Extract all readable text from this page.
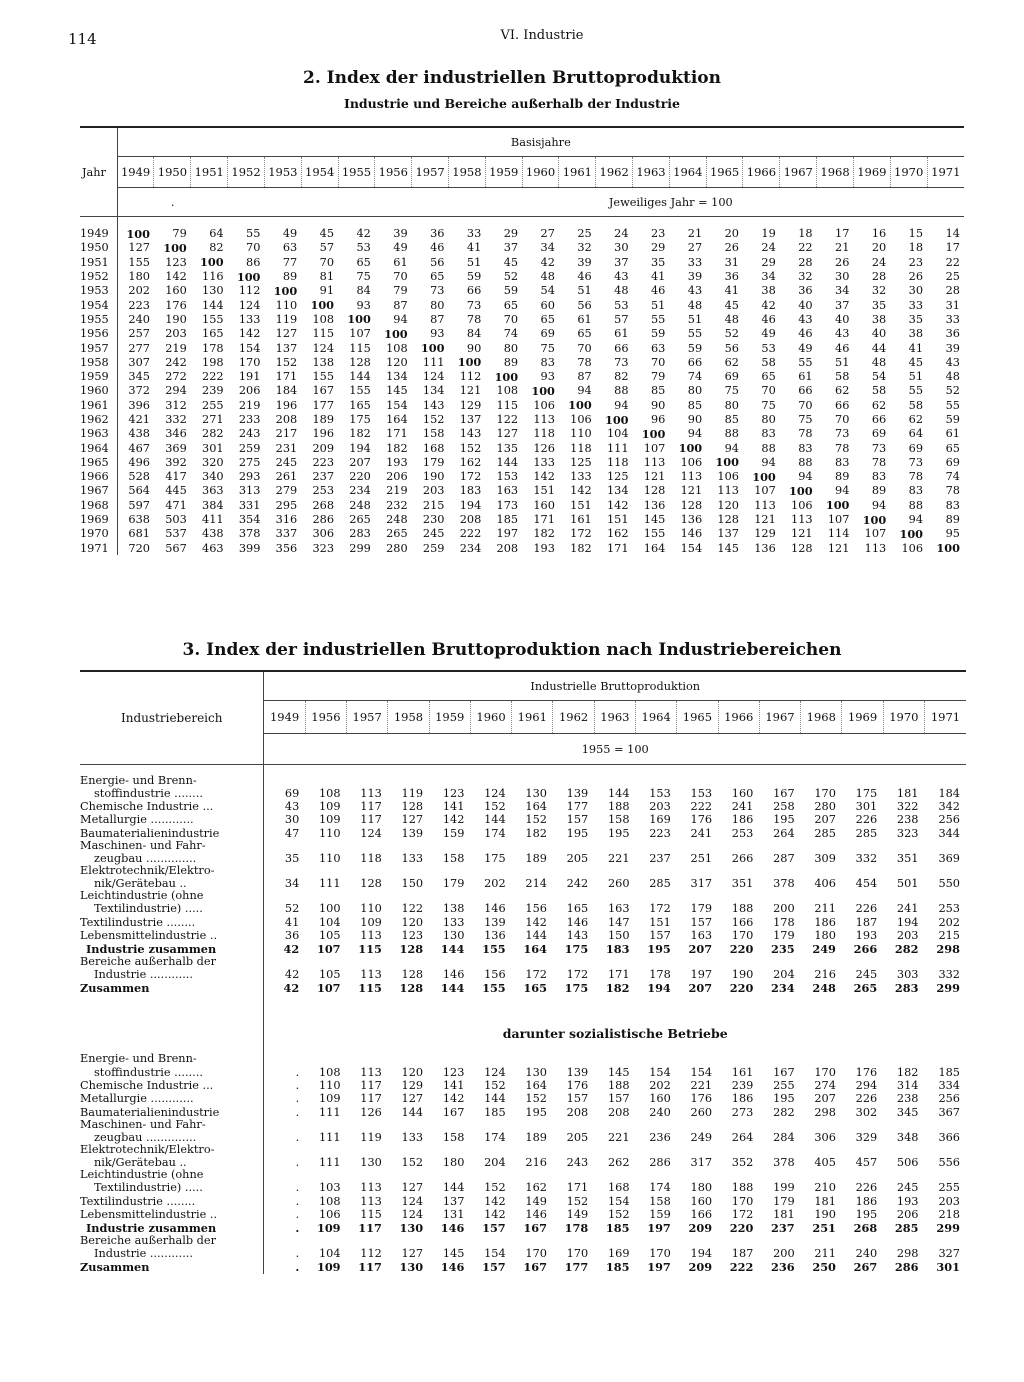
114	VI. Industrie
2. Index der industriellen Bruttoproduktion
Industrie und Bereiche außerhalb der Industrie
Jahr	Basisjahre																						
	1949	1950	1951	1952	1953	1954	1955	1956	1957	1958	1959	1960	1961	1962	1963	1964	1965	1966	1967	1968	1969	1970	1971
	.			Jeweiliges Jahr = 100																			

1949	100	79	64	55	49	45	42	39	36	33	29	27	25	24	23	21	20	19	18	17	16	15	14
1950	127	100	82	70	63	57	53	49	46	41	37	34	32	30	29	27	26	24	22	21	20	18	17
1951	155	123	100	86	77	70	65	61	56	51	45	42	39	37	35	33	31	29	28	26	24	23	22
1952	180	142	116	100	89	81	75	70	65	59	52	48	46	43	41	39	36	34	32	30	28	26	25
1953	202	160	130	112	100	91	84	79	73	66	59	54	51	48	46	43	41	38	36	34	32	30	28
1954	223	176	144	124	110	100	93	87	80	73	65	60	56	53	51	48	45	42	40	37	35	33	31
1955	240	190	155	133	119	108	100	94	87	78	70	65	61	57	55	51	48	46	43	40	38	35	33
1956	257	203	165	142	127	115	107	100	93	84	74	69	65	61	59	55	52	49	46	43	40	38	36
1957	277	219	178	154	137	124	115	108	100	90	80	75	70	66	63	59	56	53	49	46	44	41	39
1958	307	242	198	170	152	138	128	120	111	100	89	83	78	73	70	66	62	58	55	51	48	45	43
1959	345	272	222	191	171	155	144	134	124	112	100	93	87	82	79	74	69	65	61	58	54	51	48
1960	372	294	239	206	184	167	155	145	134	121	108	100	94	88	85	80	75	70	66	62	58	55	52
1961	396	312	255	219	196	177	165	154	143	129	115	106	100	94	90	85	80	75	70	66	62	58	55
1962	421	332	271	233	208	189	175	164	152	137	122	113	106	100	96	90	85	80	75	70	66	62	59
1963	438	346	282	243	217	196	182	171	158	143	127	118	110	104	100	94	88	83	78	73	69	64	61
1964	467	369	301	259	231	209	194	182	168	152	135	126	118	111	107	100	94	88	83	78	73	69	65
1965	496	392	320	275	245	223	207	193	179	162	144	133	125	118	113	106	100	94	88	83	78	73	69
1966	528	417	340	293	261	237	220	206	190	172	153	142	133	125	121	113	106	100	94	89	83	78	74
1967	564	445	363	313	279	253	234	219	203	183	163	151	142	134	128	121	113	107	100	94	89	83	78
1968	597	471	384	331	295	268	248	232	215	194	173	160	151	142	136	128	120	113	106	100	94	88	83
1969	638	503	411	354	316	286	265	248	230	208	185	171	161	151	145	136	128	121	113	107	100	94	89
1970	681	537	438	378	337	306	283	265	245	222	197	182	172	162	155	146	137	129	121	114	107	100	95
1971	720	567	463	399	356	323	299	280	259	234	208	193	182	171	164	154	145	136	128	121	113	106	100
3. Index der industriellen Bruttoproduktion nach Industriebereichen
Industriebereich	Industrielle Bruttoproduktion																
	1949	1956	1957	1958	1959	1960	1961	1962	1963	1964	1965	1966	1967	1968	1969	1970	1971
	1955 = 100																

Energie- und Brenn-																	
stoffindustrie ........	69	108	113	119	123	124	130	139	144	153	153	160	167	170	175	181	184
Chemische Industrie ...	43	109	117	128	141	152	164	177	188	203	222	241	258	280	301	322	342
Metallurgie ............	30	109	117	127	142	144	152	157	158	169	176	186	195	207	226	238	256
Baumaterialienindustrie	47	110	124	139	159	174	182	195	195	223	241	253	264	285	285	323	344
Maschinen- und Fahr-																	
zeugbau ..............	35	110	118	133	158	175	189	205	221	237	251	266	287	309	332	351	369
Elektrotechnik/Elektro-																	
nik/Gerätebau ..	34	111	128	150	179	202	214	242	260	285	317	351	378	406	454	501	550
Leichtindustrie (ohne																	
Textilindustrie) .....	52	100	110	122	138	146	156	165	163	172	179	188	200	211	226	241	253
Textilindustrie ........	41	104	109	120	133	139	142	146	147	151	157	166	178	186	187	194	202
Lebensmittelindustrie ..	36	105	113	123	130	136	144	143	150	157	163	170	179	180	193	203	215
Industrie zusammen	42	107	115	128	144	155	164	175	183	195	207	220	235	249	266	282	298
Bereiche außerhalb der																	
Industrie ............	42	105	113	128	146	156	172	172	171	178	197	190	204	216	245	303	332
Zusammen	42	107	115	128	144	155	165	175	182	194	207	220	234	248	265	283	299
	darunter sozialistische Betriebe																

Energie- und Brenn-																	
stoffindustrie ........	.	108	113	120	123	124	130	139	145	154	154	161	167	170	176	182	185
Chemische Industrie ...	.	110	117	129	141	152	164	176	188	202	221	239	255	274	294	314	334
Metallurgie ............	.	109	117	127	142	144	152	157	157	160	176	186	195	207	226	238	256
Baumaterialienindustrie	.	111	126	144	167	185	195	208	208	240	260	273	282	298	302	345	367
Maschinen- und Fahr-																	
zeugbau ..............	.	111	119	133	158	174	189	205	221	236	249	264	284	306	329	348	366
Elektrotechnik/Elektro-																	
nik/Gerätebau ..	.	111	130	152	180	204	216	243	262	286	317	352	378	405	457	506	556
Leichtindustrie (ohne																	
Textilindustrie) .....	.	103	113	127	144	152	162	171	168	174	180	188	199	210	226	245	255
Textilindustrie ........	.	108	113	124	137	142	149	152	154	158	160	170	179	181	186	193	203
Lebensmittelindustrie ..	.	106	115	124	131	142	146	149	152	159	166	172	181	190	195	206	218
Industrie zusammen	.	109	117	130	146	157	167	178	185	197	209	220	237	251	268	285	299
Bereiche außerhalb der																	
Industrie ............	.	104	112	127	145	154	170	170	169	170	194	187	200	211	240	298	327
Zusammen	.	109	117	130	146	157	167	177	185	197	209	222	236	250	267	286	301
